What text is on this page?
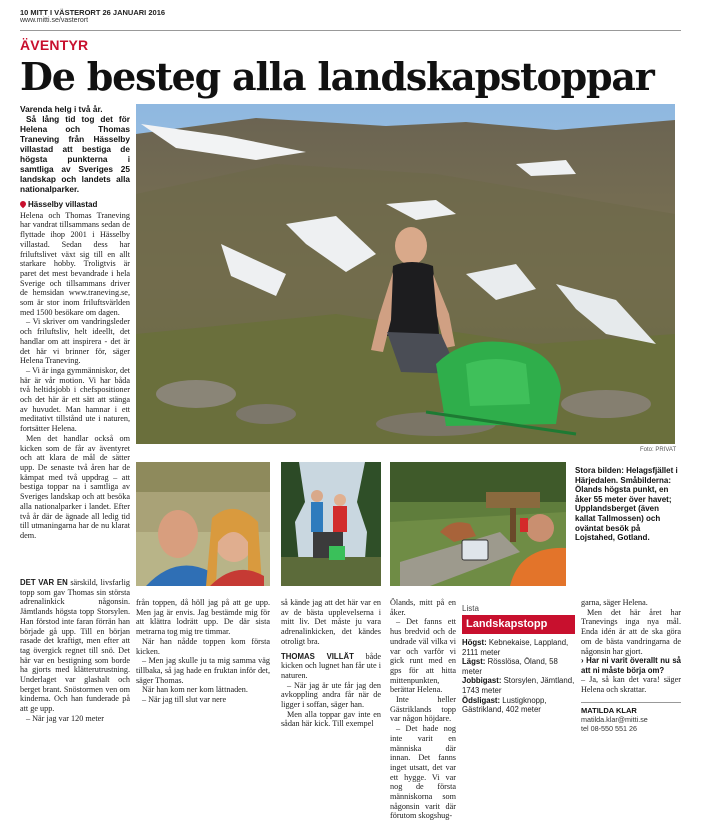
10 MITT I VÄSTERORT 26 JANUARI 2016
www.mitti.se/vasterort
ÄVENTYR
De besteg alla landskapstoppar
Varenda helg i två år.
Så lång tid tog det för Helena och Thomas Traneving från Hässelby villastad att bestiga de högsta punkterna i samtliga av Sveriges 25 landskap och landets alla nationalparker.
Hässelby villastad

Helena och Thomas Traneving har vandrat tillsammans sedan de flyttade ihop 2001 i Hässelby villastad. Sedan dess har friluftslivet växt sig till en allt starkare hobby. Troligtvis är paret det mest bevandrade i hela Sverige och tillsammans driver de hemsidan www.traneving.se, som är stor inom friluftsvärlden med 1500 besökare om dagen.

– Vi skriver om vandringsleder och friluftsliv, helt ideellt, det handlar om att inspirera - det är det här vi brinner för, säger Helena Traneving.

– Vi är inga gymmänniskor, det här är vår motion. Vi har båda två heltidsjobb i chefspositioner och det här är ett sätt att stänga av huvudet. Man hamnar i ett meditativt tillstånd ute i naturen, fortsätter Helena.

Men det handlar också om kicken som de får av äventyret och att klara de mål de sätter upp. De senaste två åren har de kämpat med två uppdrag – att bestiga toppar na i samtliga av Sveriges landskap och att besöka alla nationalparker i landet. Efter två år där de ägnade all ledig tid till utmaningarna har de nu klarat dem.

DET VAR EN särskild, livsfarlig topp som gav Thomas sin största adrenalinkick någonsin. Jämtlands högsta topp Storsylen. Han förstod inte faran förrän han började gå upp. Till en början rasade det kraftigt, men efter att tag övergick regnet till snö. Det här var en bestigning som borde ha gjorts med klätterutrustning. Underlaget var glashalt och berget brant. Snöstormen ven om kinderna. Och han funderade på att ge upp.

– När jag var 120 meter

Foto: PRIVAT
Stora bilden: Helagsfjället i Härjedalen. Småbilderna: Ölands högsta punkt, en åker 55 meter över havet; Upplandsberget (även kallat Tallmossen) och oväntat besök på Lojstahed, Gotland.

från toppen, då höll jag på att ge upp. Men jag är envis. Jag bestämde mig för att klättra lodrätt upp. De där sista metrarna tog mig tre timmar.

När han nådde toppen kom första kicken.

– Men jag skulle ju ta mig samma väg tillbaka, så jag hade en fruktan inför det, säger Thomas.

När han kom ner kom lättnaden.

– När jag till slut var nere

så kände jag att det här var en av de bästa upplevelserna i mitt liv. Det måste ju vara adrenalinkicken, det kändes otroligt bra.

THOMAS VILLÄT både kicken och lugnet han får ute i naturen.

– När jag är ute får jag den avkoppling andra får när de ligger i soffan, säger han.

Men alla toppar gav inte en sådan här kick. Till exempel

Ölands, mitt på en åker.

– Det fanns ett hus bredvid och de undrade väl vilka vi var och varför vi gick runt med en gps för att hitta mittenpunkten, berättar Helena.

Inte heller Gästriklands topp var någon höjdare.

– Det hade nog inte varit en människa där innan. Det fanns inget utsatt, det var ett hygge. Vi var nog de första människorna som någonsin varit där förutom skogshug-

Lista
Landskapstopp
Högst: Kebnekaise, Lappland, 2111 meter
Lägst: Rösslösa, Öland, 58 meter
Jobbigast: Storsylen, Jämtland, 1743 meter
Ödsligast: Lustigknopp, Gästrikland, 402 meter

garna, säger Helena.

Men det här året har Tranevings inga nya mål. Enda idén är att de ska göra om de bästa vandringarna de någonsin har gjort.

› Har ni varit överallt nu så att ni måste börja om?

– Ja, så kan det vara! säger Helena och skrattar.

MATILDA KLAR
matilda.klar@mitti.se
tel 08-550 551 26
